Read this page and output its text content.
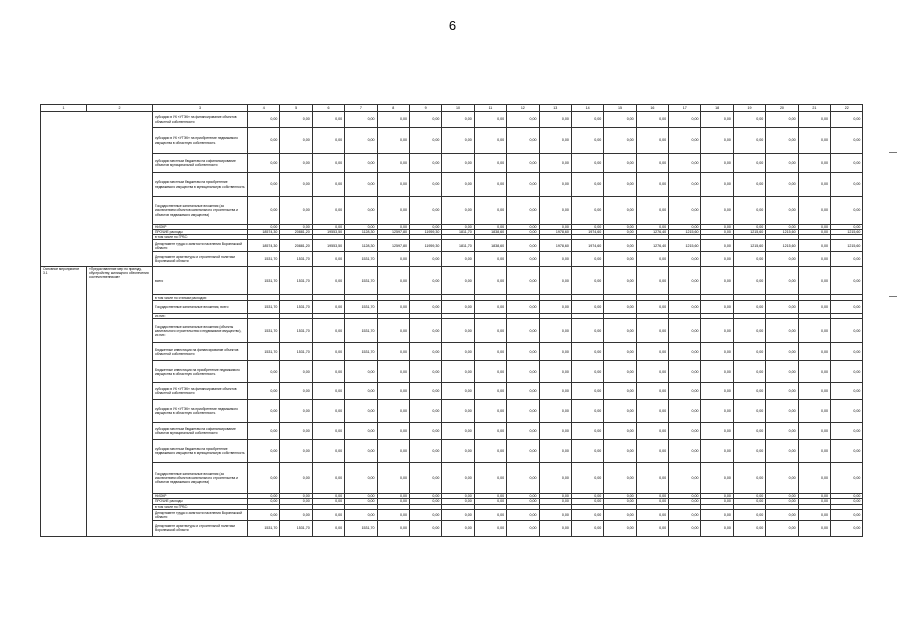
6
1	2	3	4	5	6	7	8	9	10	11	12	13	14	15	16	17	18	19	20	21	22
		субсидии в УК «УТЭК» на финансирование объектов областной собственности	0,00	0,00	0,00	0,00	0,00	0,00	0,00	0,00	0,00	0,00	0,00	0,00	0,00	0,00	0,00	0,00	0,00	0,00	0,00
		субсидии в УК «УТЭК» на приобретение недвижимого имущества в областную собственность	0,00	0,00	0,00	0,00	0,00	0,00	0,00	0,00	0,00	0,00	0,00	0,00	0,00	0,00	0,00	0,00	0,00	0,00	0,00
		субсидии местным бюджетам на софинансирование объектов муниципальной собственности	0,00	0,00	0,00	0,00	0,00	0,00	0,00	0,00	0,00	0,00	0,00	0,00	0,00	0,00	0,00	0,00	0,00	0,00	0,00
		субсидии местным бюджетам на приобретение недвижимого имущества в муниципальную собственность	0,00	0,00	0,00	0,00	0,00	0,00	0,00	0,00	0,00	0,00	0,00	0,00	0,00	0,00	0,00	0,00	0,00	0,00	0,00
		Государственные капитальные вложения (за исключением объектов капитального строительства и объектов недвижимого имущества)	0,00	0,00	0,00	0,00	0,00	0,00	0,00	0,00	0,00	0,00	0,00	0,00	0,00	0,00	0,00	0,00	0,00	0,00	0,00
		НИОКР	0,00	0,00	0,00	0,00	0,00	0,00	0,00	0,00	0,00	0,00	0,00	0,00	0,00	0,00	0,00	0,00	0,00	0,00	0,00
		ПРОЧИЕ расходы	18574,30	20881,20	19553,50	1128,30	12597,80	11959,30	1811,70	1838,60	0,00	1978,60	1974,60	0,00	1276,40	1215,60	0,00	1215,60	1215,60	0,00	1215,60
		в том числе по ГРБС:																			
		Департамент труда и занятости населения Воронежской области	18574,30	20881,20	19553,50	1128,30	12597,80	11959,30	1811,70	1838,60	0,00	1978,60	1974,60	0,00	1276,40	1215,60	0,00	1215,60	1215,60	0,00	1215,60
		Департамент архитектуры и строительной политики Воронежской области	1531,70	1531,70	0,00	1531,70	0,00	0,00	0,00	0,00	0,00	0,00	0,00	0,00	0,00	0,00	0,00	0,00	0,00	0,00	0,00
Основное мероприятие 3.1	«Предоставление мер по приезду, обустройству, жилищного обеспечения соотечественников»	всего	1531,70	1531,70	0,00	1531,70	0,00	0,00	0,00	0,00	0,00	0,00	0,00	0,00	0,00	0,00	0,00	0,00	0,00	0,00	0,00
		в том числе по статьям расходов:																			
		Государственные капитальные вложения, всего	1531,70	1531,70	0,00	1531,70	0,00	0,00	0,00	0,00	0,00	0,00	0,00	0,00	0,00	0,00	0,00	0,00	0,00	0,00	0,00
		из них:																			
		Государственные капитальные вложения (объекты капитального строительства и недвижимое имущество), из них:	1531,70	1531,70	0,00	1531,70	0,00	0,00	0,00	0,00	0,00	0,00	0,00	0,00	0,00	0,00	0,00	0,00	0,00	0,00	0,00
		Бюджетные инвестиции на финансирование объектов областной собственности	1531,70	1531,70	0,00	1531,70	0,00	0,00	0,00	0,00	0,00	0,00	0,00	0,00	0,00	0,00	0,00	0,00	0,00	0,00	0,00
		Бюджетные инвестиции на приобретение недвижимого имущества в областную собственность	0,00	0,00	0,00	0,00	0,00	0,00	0,00	0,00	0,00	0,00	0,00	0,00	0,00	0,00	0,00	0,00	0,00	0,00	0,00
		субсидии в УК «УТЭК» на финансирование объектов областной собственности	0,00	0,00	0,00	0,00	0,00	0,00	0,00	0,00	0,00	0,00	0,00	0,00	0,00	0,00	0,00	0,00	0,00	0,00	0,00
		субсидии в УК «УТЭК» на приобретение недвижимого имущества в областную собственность	0,00	0,00	0,00	0,00	0,00	0,00	0,00	0,00	0,00	0,00	0,00	0,00	0,00	0,00	0,00	0,00	0,00	0,00	0,00
		субсидии местным бюджетам на софинансирование объектов муниципальной собственности	0,00	0,00	0,00	0,00	0,00	0,00	0,00	0,00	0,00	0,00	0,00	0,00	0,00	0,00	0,00	0,00	0,00	0,00	0,00
		субсидии местным бюджетам на приобретение недвижимого имущества в муниципальную собственность	0,00	0,00	0,00	0,00	0,00	0,00	0,00	0,00	0,00	0,00	0,00	0,00	0,00	0,00	0,00	0,00	0,00	0,00	0,00
		Государственные капитальные вложения (за исключением объектов капитального строительства и объектов недвижимого имущества)	0,00	0,00	0,00	0,00	0,00	0,00	0,00	0,00	0,00	0,00	0,00	0,00	0,00	0,00	0,00	0,00	0,00	0,00	0,00
		НИОКР	0,00	0,00	0,00	0,00	0,00	0,00	0,00	0,00	0,00	0,00	0,00	0,00	0,00	0,00	0,00	0,00	0,00	0,00	0,00
		ПРОЧИЕ расходы	0,00	0,00	0,00	0,00	0,00	0,00	0,00	0,00	0,00	0,00	0,00	0,00	0,00	0,00	0,00	0,00	0,00	0,00	0,00
		в том числе по ГРБС:																			
		Департамент труда и занятости населения Воронежской области	0,00	0,00	0,00	0,00	0,00	0,00	0,00	0,00	0,00	0,00	0,00	0,00	0,00	0,00	0,00	0,00	0,00	0,00	0,00
		Департамент архитектуры и строительной политики Воронежской области	1531,70	1531,70	0,00	1531,70	0,00	0,00	0,00	0,00	0,00	0,00	0,00	0,00	0,00	0,00	0,00	0,00	0,00	0,00	0,00
